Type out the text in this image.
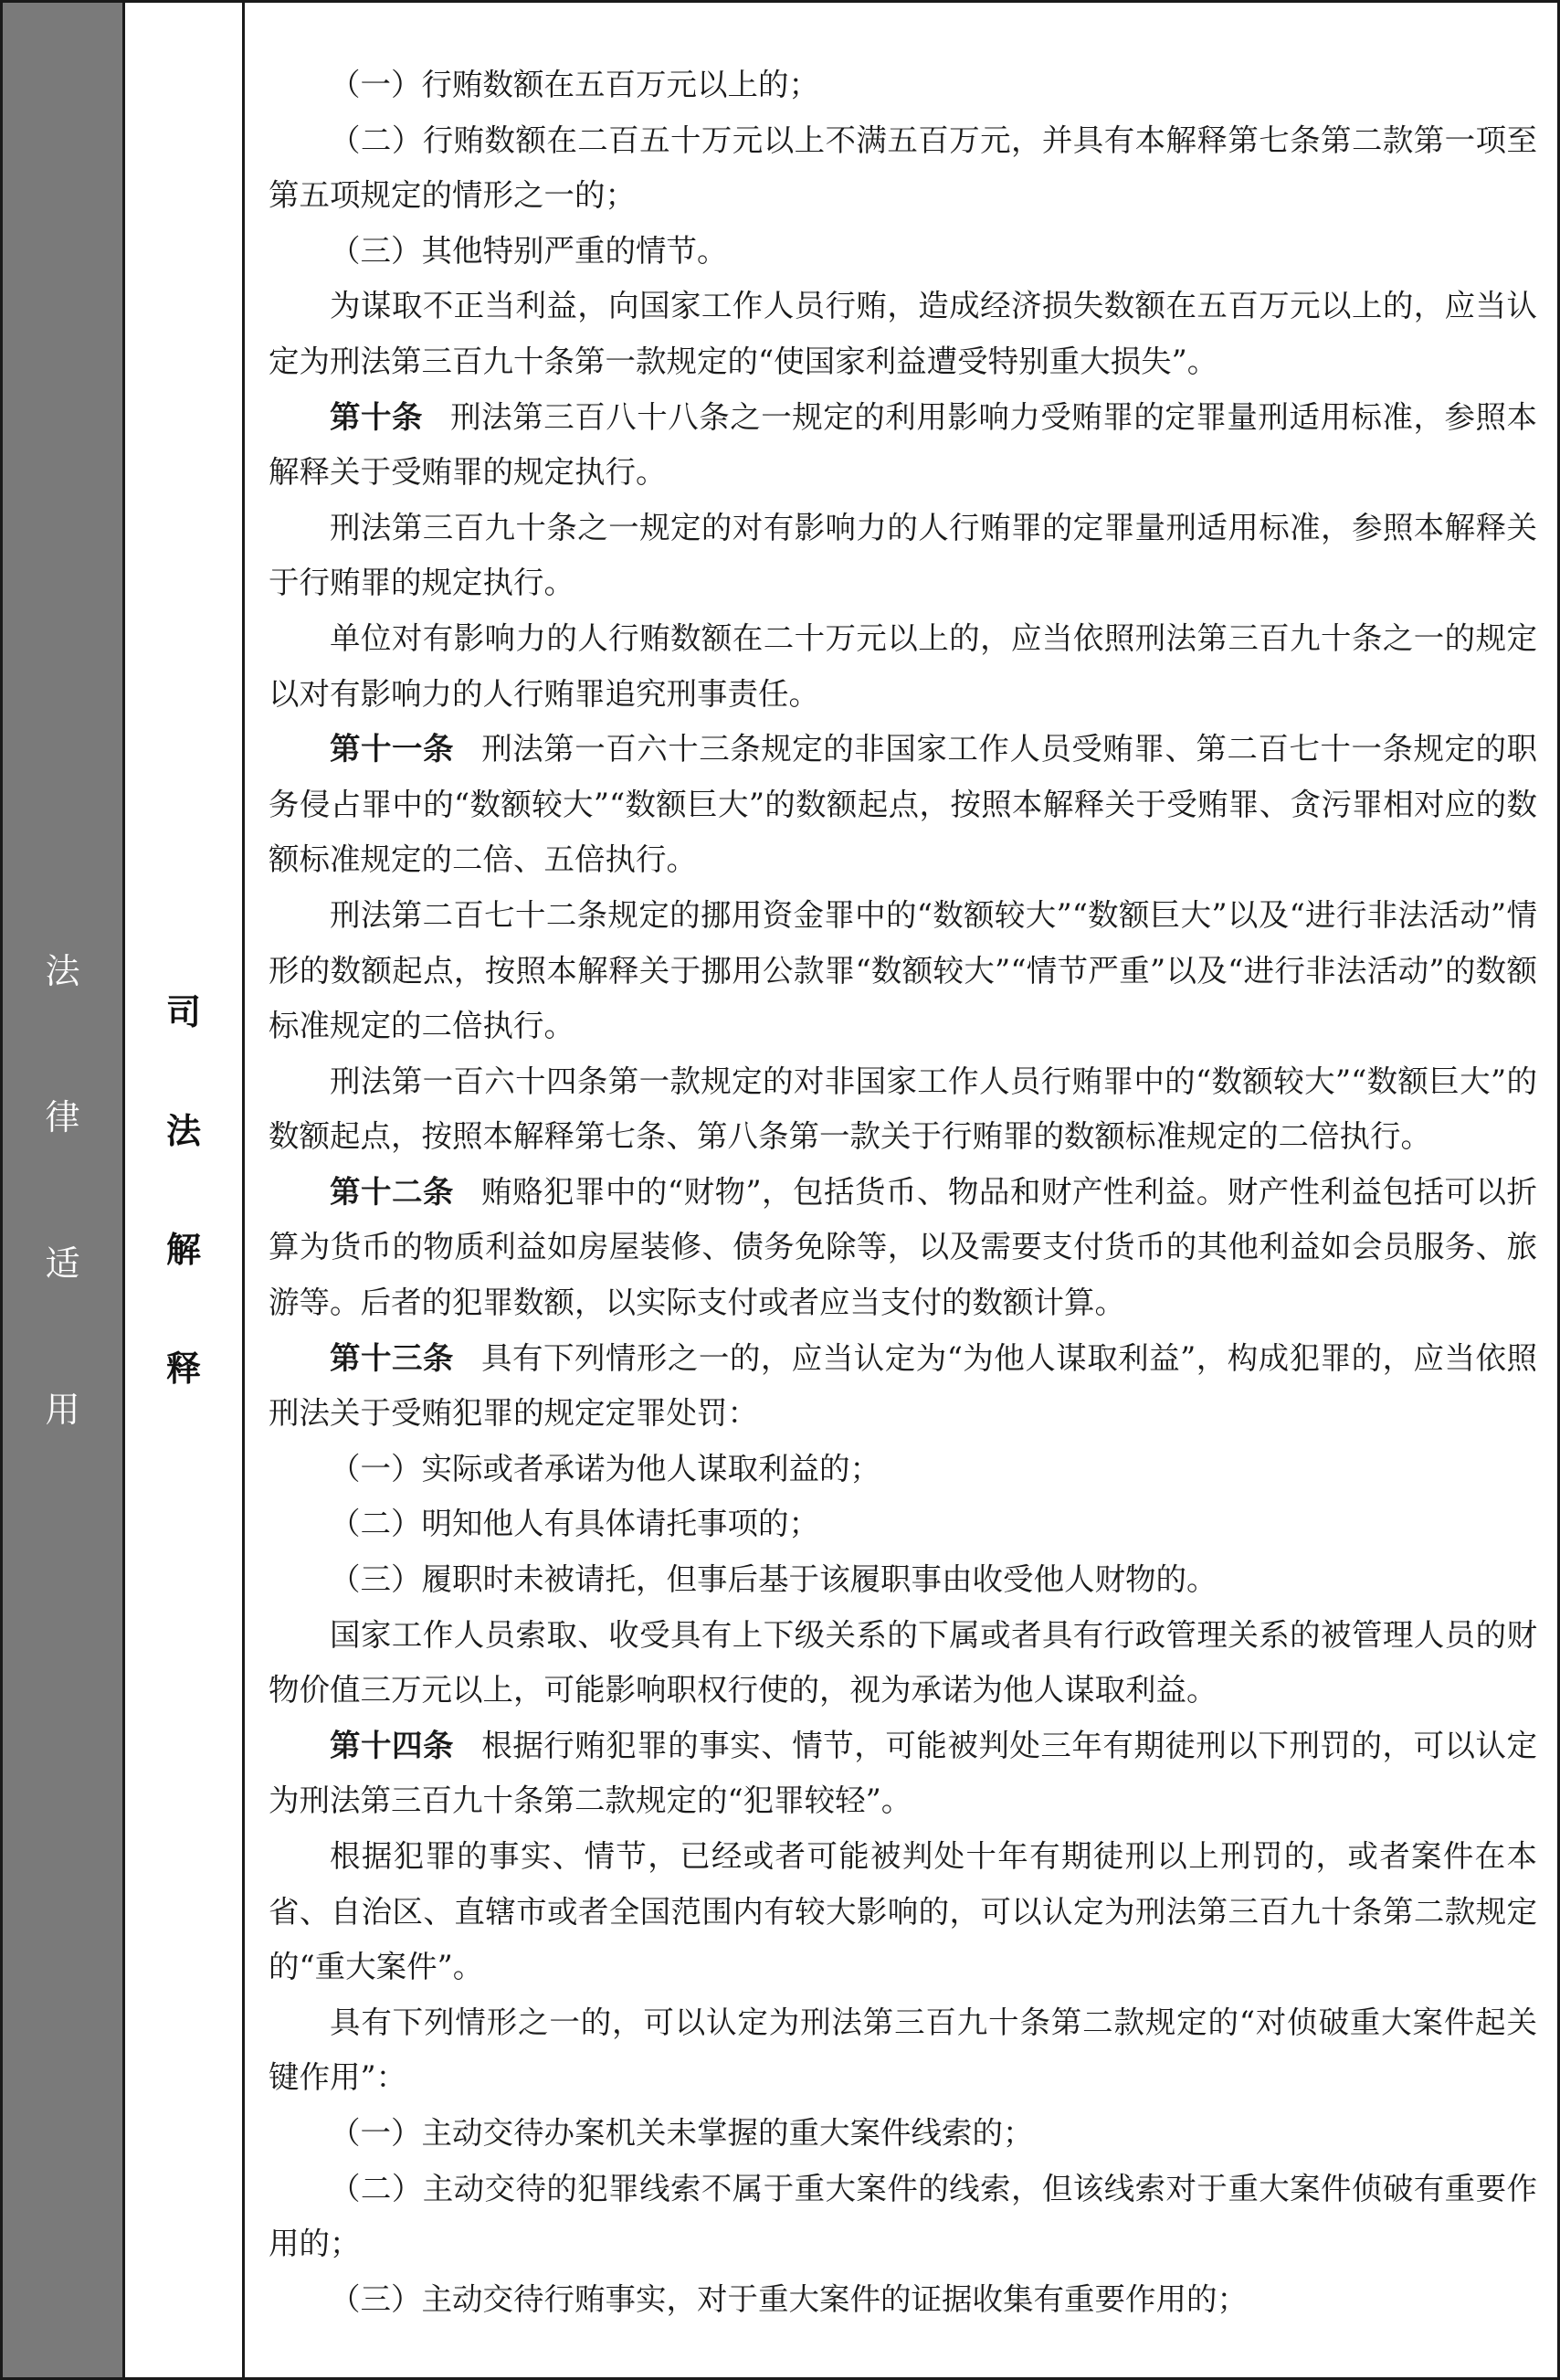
法
律
适
用
司
法
解
释

（一）行贿数额在五百万元以上的；

（二）行贿数额在二百五十万元以上不满五百万元，并具有本解释第七条第二款第一项至第五项规定的情形之一的；

（三）其他特别严重的情节。

为谋取不正当利益，向国家工作人员行贿，造成经济损失数额在五百万元以上的，应当认定为刑法第三百九十条第一款规定的“使国家利益遭受特别重大损失”。

第十条 刑法第三百八十八条之一规定的利用影响力受贿罪的定罪量刑适用标准，参照本解释关于受贿罪的规定执行。

刑法第三百九十条之一规定的对有影响力的人行贿罪的定罪量刑适用标准，参照本解释关于行贿罪的规定执行。

单位对有影响力的人行贿数额在二十万元以上的，应当依照刑法第三百九十条之一的规定以对有影响力的人行贿罪追究刑事责任。

第十一条 刑法第一百六十三条规定的非国家工作人员受贿罪、第二百七十一条规定的职务侵占罪中的“数额较大”“数额巨大”的数额起点，按照本解释关于受贿罪、贪污罪相对应的数额标准规定的二倍、五倍执行。

刑法第二百七十二条规定的挪用资金罪中的“数额较大”“数额巨大”以及“进行非法活动”情形的数额起点，按照本解释关于挪用公款罪“数额较大”“情节严重”以及“进行非法活动”的数额标准规定的二倍执行。

刑法第一百六十四条第一款规定的对非国家工作人员行贿罪中的“数额较大”“数额巨大”的数额起点，按照本解释第七条、第八条第一款关于行贿罪的数额标准规定的二倍执行。

第十二条 贿赂犯罪中的“财物”，包括货币、物品和财产性利益。财产性利益包括可以折算为货币的物质利益如房屋装修、债务免除等，以及需要支付货币的其他利益如会员服务、旅游等。后者的犯罪数额，以实际支付或者应当支付的数额计算。

第十三条 具有下列情形之一的，应当认定为“为他人谋取利益”，构成犯罪的，应当依照刑法关于受贿犯罪的规定定罪处罚：

（一）实际或者承诺为他人谋取利益的；

（二）明知他人有具体请托事项的；

（三）履职时未被请托，但事后基于该履职事由收受他人财物的。

国家工作人员索取、收受具有上下级关系的下属或者具有行政管理关系的被管理人员的财物价值三万元以上，可能影响职权行使的，视为承诺为他人谋取利益。

第十四条 根据行贿犯罪的事实、情节，可能被判处三年有期徒刑以下刑罚的，可以认定为刑法第三百九十条第二款规定的“犯罪较轻”。

根据犯罪的事实、情节，已经或者可能被判处十年有期徒刑以上刑罚的，或者案件在本省、自治区、直辖市或者全国范围内有较大影响的，可以认定为刑法第三百九十条第二款规定的“重大案件”。

具有下列情形之一的，可以认定为刑法第三百九十条第二款规定的“对侦破重大案件起关键作用”：

（一）主动交待办案机关未掌握的重大案件线索的；

（二）主动交待的犯罪线索不属于重大案件的线索，但该线索对于重大案件侦破有重要作用的；

（三）主动交待行贿事实，对于重大案件的证据收集有重要作用的；
